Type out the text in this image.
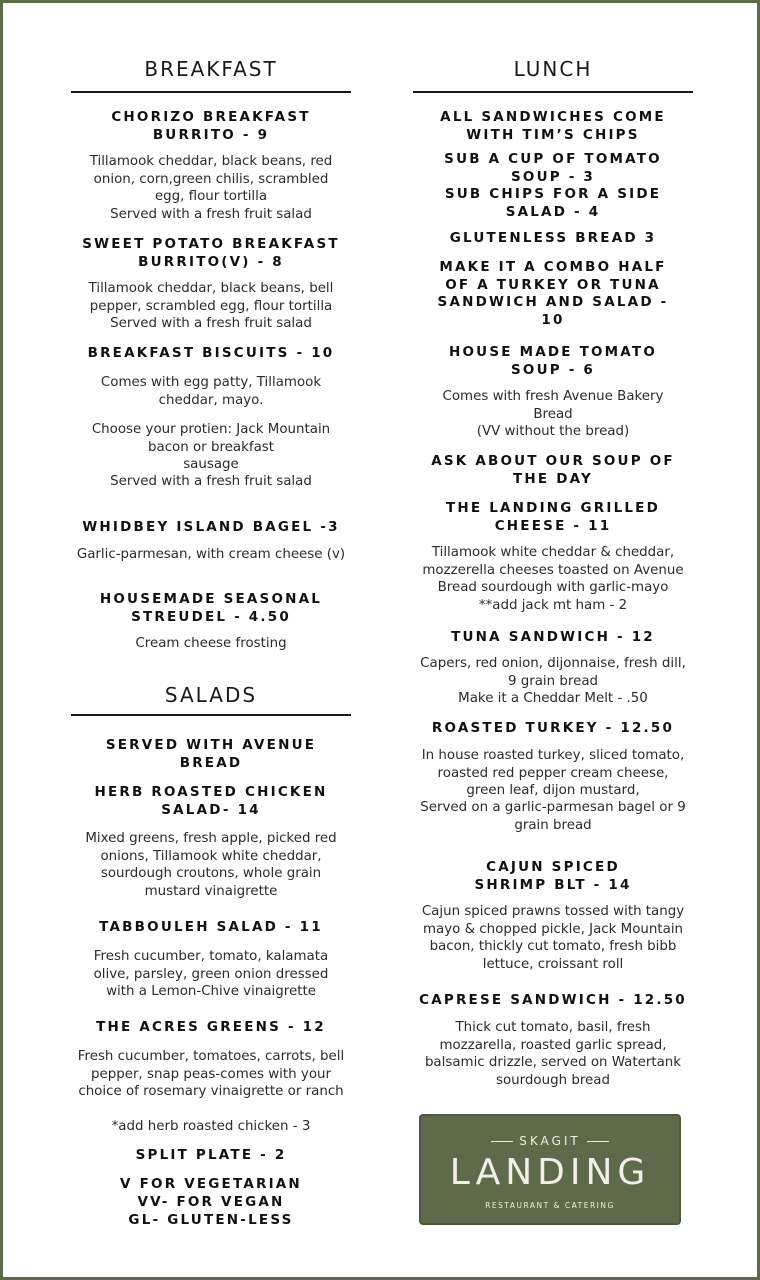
BREAKFAST
CHORIZO BREAKFAST BURRITO - 9
Tillamook cheddar, black beans, red onion, corn,green chilis, scrambled egg, flour tortilla
Served with a fresh fruit salad
SWEET POTATO BREAKFAST BURRITO(V) - 8
Tillamook cheddar, black beans, bell pepper, scrambled egg, flour tortilla
Served with a fresh fruit salad
BREAKFAST BISCUITS - 10
Comes with egg patty, Tillamook cheddar, mayo.
Choose your protien: Jack Mountain bacon or breakfast
sausage
Served with a fresh fruit salad
WHIDBEY ISLAND BAGEL -3
Garlic-parmesan, with cream cheese (v)
HOUSEMADE SEASONAL STREUDEL - 4.50
Cream cheese frosting
SALADS
SERVED WITH AVENUE BREAD
HERB ROASTED CHICKEN SALAD- 14
Mixed greens, fresh apple, picked red onions, Tillamook white cheddar, sourdough croutons, whole grain mustard vinaigrette
TABBOULEH SALAD - 11
Fresh cucumber, tomato, kalamata olive, parsley, green onion dressed with a Lemon-Chive vinaigrette
THE ACRES GREENS - 12
Fresh cucumber, tomatoes, carrots, bell pepper, snap peas-comes with your choice of rosemary vinaigrette or ranch
*add herb roasted chicken - 3
SPLIT PLATE - 2
V FOR VEGETARIAN
VV- FOR VEGAN
GL- GLUTEN-LESS
LUNCH
ALL SANDWICHES COME WITH TIM’S CHIPS
SUB A CUP OF TOMATO SOUP - 3
SUB CHIPS FOR A SIDE SALAD - 4
GLUTENLESS BREAD 3
MAKE IT A COMBO HALF OF A TURKEY OR TUNA SANDWICH AND SALAD - 10
HOUSE MADE TOMATO SOUP - 6
Comes with fresh Avenue Bakery Bread
(VV without the bread)
ASK ABOUT OUR SOUP OF THE DAY
THE LANDING GRILLED CHEESE - 11
Tillamook white cheddar & cheddar, mozzerella cheeses toasted on Avenue Bread sourdough with garlic-mayo
**add jack mt ham - 2
TUNA SANDWICH - 12
Capers, red onion, dijonnaise, fresh dill, 9 grain bread
Make it a Cheddar Melt - .50
ROASTED TURKEY - 12.50
In house roasted turkey, sliced tomato, roasted red pepper cream cheese, green leaf, dijon mustard,
Served on a garlic-parmesan bagel or 9 grain bread
CAJUN SPICED SHRIMP BLT - 14
Cajun spiced prawns tossed with tangy mayo & chopped pickle, Jack Mountain bacon, thickly cut tomato, fresh bibb lettuce, croissant roll
CAPRESE SANDWICH - 12.50
Thick cut tomato, basil, fresh mozzarella, roasted garlic spread, balsamic drizzle, served on Watertank sourdough bread
SKAGIT
LANDING
RESTAURANT & CATERING
